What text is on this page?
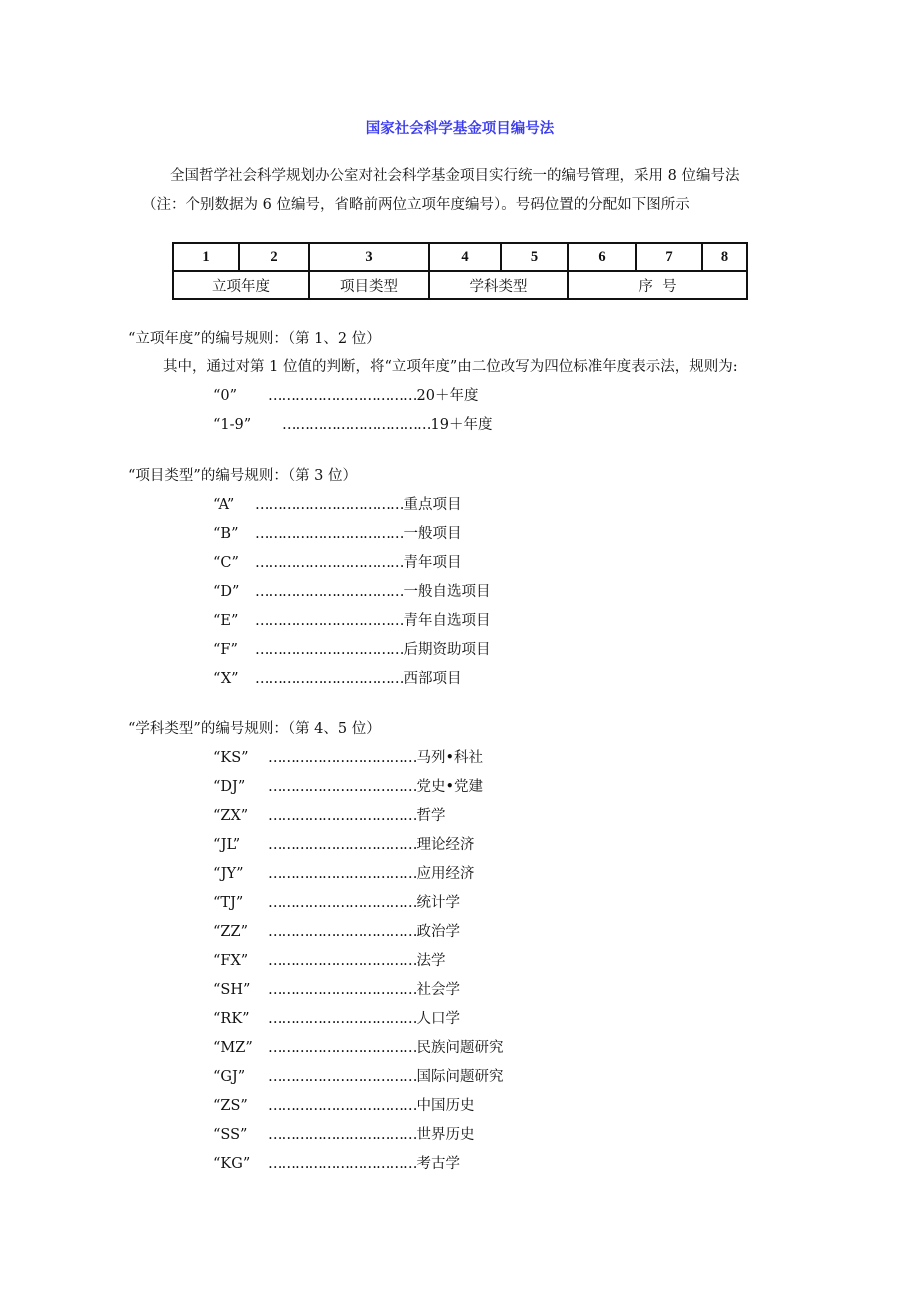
国家社会科学基金项目编号法
全国哲学社会科学规划办公室对社会科学基金项目实行统一的编号管理，采用 8 位编号法
（注：个别数据为 6 位编号，省略前两位立项年度编号）。号码位置的分配如下图所示
1	2	3	4	5	6	7	8
立项年度		项目类型	学科类型		序  号		
“立项年度”的编号规则：（第 1、2 位）
其中，通过对第 1 位值的判断，将“立项年度”由二位改写为四位标准年度表示法，规则为:
“0”	…………………………… 20＋年度
“1-9”	…………………………… 19＋年度
“项目类型”的编号规则：（第 3 位）
“A”	…………………………… 重点项目
“B”	…………………………… 一般项目
“C”	…………………………… 青年项目
“D”	…………………………… 一般自选项目
“E”	…………………………… 青年自选项目
“F”	…………………………… 后期资助项目
“X”	…………………………… 西部项目
“学科类型”的编号规则：（第 4、5 位）
“KS”	…………………………… 马列•科社
“DJ”	…………………………… 党史•党建
“ZX”	…………………………… 哲学
“JL”	…………………………… 理论经济
“JY”	…………………………… 应用经济
“TJ”	…………………………… 统计学
“ZZ”	…………………………… 政治学
“FX”	…………………………… 法学
“SH”	…………………………… 社会学
“RK”	…………………………… 人口学
“MZ”	…………………………… 民族问题研究
“GJ”	…………………………… 国际问题研究
“ZS”	…………………………… 中国历史
“SS”	…………………………… 世界历史
“KG”	…………………………… 考古学
